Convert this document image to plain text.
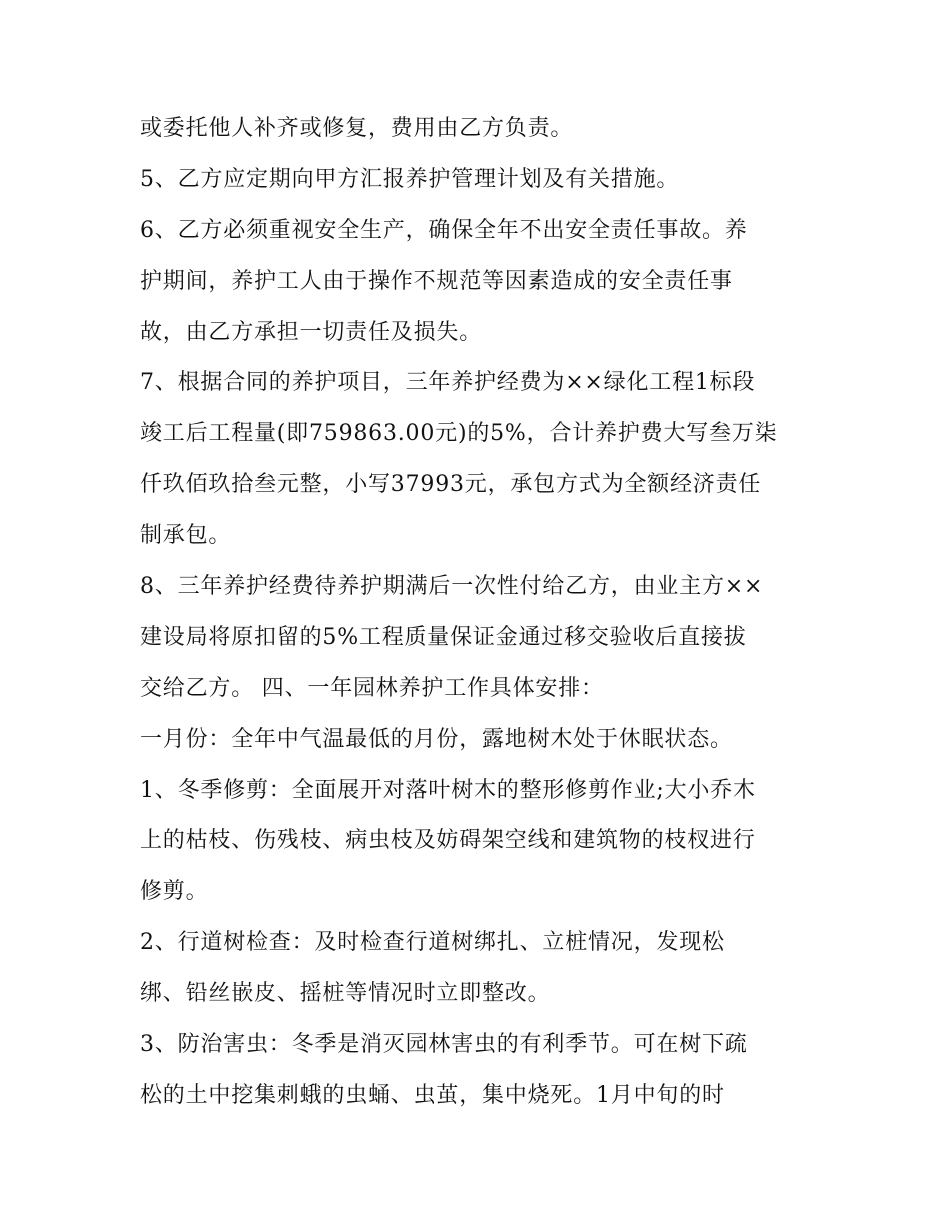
或委托他人补齐或修复，费用由乙方负责。
5、乙方应定期向甲方汇报养护管理计划及有关措施。
6、乙方必须重视安全生产，确保全年不出安全责任事故。养
护期间，养护工人由于操作不规范等因素造成的安全责任事
故，由乙方承担一切责任及损失。
7、根据合同的养护项目，三年养护经费为××绿化工程1标段
竣工后工程量(即759863.00元)的5%，合计养护费大写叁万柒
仟玖佰玖拾叁元整，小写37993元，承包方式为全额经济责任
制承包。
8、三年养护经费待养护期满后一次性付给乙方，由业主方××
建设局将原扣留的5%工程质量保证金通过移交验收后直接拔
交给乙方。 四、一年园林养护工作具体安排：
一月份：全年中气温最低的月份，露地树木处于休眠状态。
1、冬季修剪：全面展开对落叶树木的整形修剪作业;大小乔木
上的枯枝、伤残枝、病虫枝及妨碍架空线和建筑物的枝杈进行
修剪。
2、行道树检查：及时检查行道树绑扎、立桩情况，发现松
绑、铅丝嵌皮、摇桩等情况时立即整改。
3、防治害虫：冬季是消灭园林害虫的有利季节。可在树下疏
松的土中挖集刺蛾的虫蛹、虫茧，集中烧死。1月中旬的时
